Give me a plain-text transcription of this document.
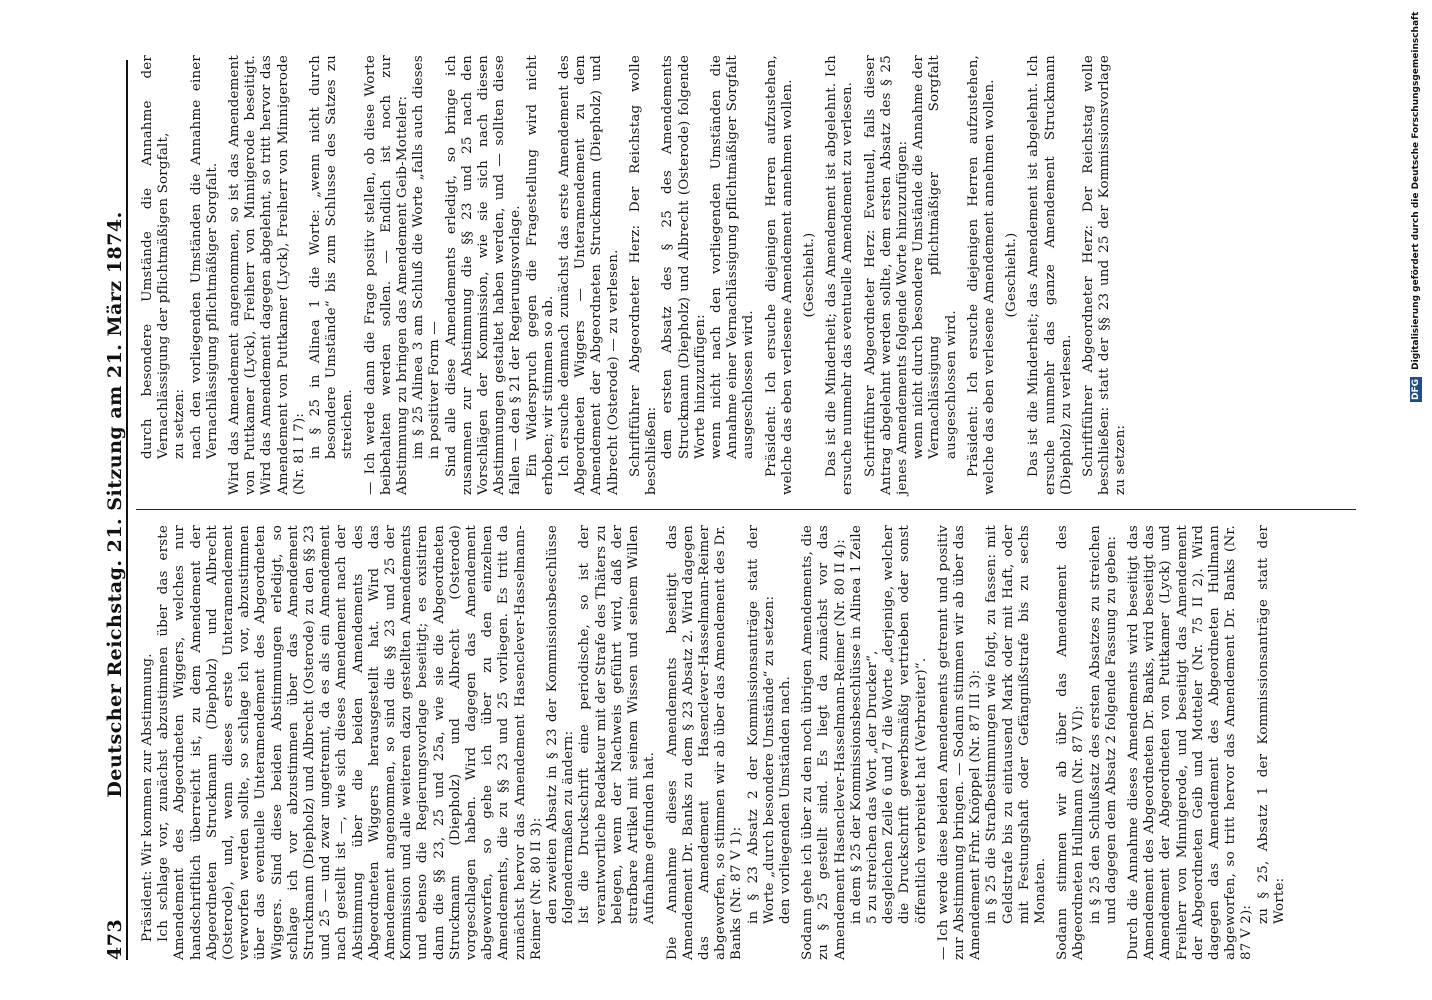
473
Deutscher Reichstag. 21. Sitzung am 21. März 1874.

Präsident: Wir kommen zur Abstimmung. Ich schlage vor, zunächst abzustimmen über das erste Amendement des Abgeordneten Wiggers, welches nur handschriftlich überreicht ist, zu dem Amendement der Abgeordneten Struckmann (Diepholz) und Albrecht (Osterode), und, wenn dieses erste Unteramendement verworfen werden sollte, so schlage ich vor, abzustimmen über das eventuelle Unteramendement des Abgeordneten Wiggers. Sind diese beiden Abstimmungen erledigt, so schlage ich vor abzustimmen über das Amendement Struckmann (Diepholz) und Albrecht (Osterode) zu den §§ 23 und 25 — und zwar ungetrennt, da es als ein Amendement nach gestellt ist —, wie sich dieses Amendement nach der Abstimmung über die beiden Amendements des Abgeordneten Wiggers herausgestellt hat. Wird das Amendement angenommen, so sind die §§ 23 und 25 der Kommission und alle weiteren dazu gestellten Amendements und ebenso die Regierungsvorlage beseitigt; es existiren dann die §§ 23, 25 und 25a, wie sie die Abgeordneten Struckmann (Diepholz) und Albrecht (Osterode) vorgeschlagen haben. Wird dagegen das Amendement abgeworfen, so gehe ich über zu den einzelnen Amendements, die zu §§ 23 und 25 vorliegen. Es tritt da zunächst hervor das Amendement Hasenclever-Hasselmann-Reimer (Nr. 80 II 3): den zweiten Absatz in § 23 der Kommissionsbeschlüsse folgendermaßen zu ändern: Ist die Druckschrift eine periodische, so ist der verantwortliche Redakteur mit der Strafe des Thäters zu belegen, wenn der Nachweis geführt wird, daß der strafbare Artikel mit seinem Wissen und seinem Willen Aufnahme gefunden hat. Die Annahme dieses Amendements beseitigt das Amendement Dr. Banks zu dem § 23 Absatz 2. Wird dagegen das Amendement Hasenclever-Hasselmann-Reimer abgeworfen, so stimmen wir ab über das Amendement des Dr. Banks (Nr. 87 V 1): in § 23 Absatz 2 der Kommissionsanträge statt der Worte „durch besondere Umstände“ zu setzen: den vorliegenden Umständen nach. Sodann gehe ich über zu den noch übrigen Amendements, die zu § 25 gestellt sind. Es liegt da zunächst vor das Amendement Hasenclever-Hasselmann-Reimer (Nr. 80 II 4): in dem § 25 der Kommissionsbeschlüsse in Alinea 1 Zeile 5 zu streichen das Wort „der Drucker“, desgleichen Zeile 6 und 7 die Worte „derjenige, welcher die Druckschrift gewerbsmäßig vertrieben oder sonst öffentlich verbreitet hat (Verbreiter)“. — Ich werde diese beiden Amendements getrennt und positiv zur Abstimmung bringen. — Sodann stimmen wir ab über das Amendement Frhr. Knöppel (Nr. 87 III 3): in § 25 die Strafbestimmungen wie folgt, zu fassen: mit Geldstrafe bis zu eintausend Mark oder mit Haft, oder mit Festungshaft oder Gefängnißstrafe bis zu sechs Monaten. Sodann stimmen wir ab über das Amendement des Abgeordneten Hullmann (Nr. 87 VI): in § 25 den Schlußsatz des ersten Absatzes zu streichen und dagegen dem Absatz 2 folgende Fassung zu geben: Durch die Annahme dieses Amendements wird beseitigt das Amendement des Abgeordneten Dr. Banks, wird beseitigt das Amendement der Abgeordneten von Puttkamer (Lyck) und Freiherr von Minnigerode, und beseitigt das Amendement der Abgeordneten Geib und Motteler (Nr. 75 II 2). Wird dagegen das Amendement des Abgeordneten Hullmann abgeworfen, so tritt hervor das Amendement Dr. Banks (Nr. 87 V 2):

zu § 25, Absatz 1 der Kommissionsanträge statt der Worte:

durch besondere Umstände die Annahme der Vernachlässigung der pflichtmäßigen Sorgfalt, zu setzen: nach den vorliegenden Umständen die Annahme einer Vernachlässigung pflichtmäßiger Sorgfalt. Wird das Amendement angenommen, so ist das Amendement von Puttkamer (Lyck), Freiherr von Minnigerode beseitigt. Wird das Amendement dagegen abgelehnt, so tritt hervor das Amendement von Puttkamer (Lyck), Freiherr von Minnigerode (Nr. 81 I 7): in § 25 in Alinea 1 die Worte: „wenn nicht durch besondere Umstände“ bis zum Schlusse des Satzes zu streichen. — Ich werde dann die Frage positiv stellen, ob diese Worte beibehalten werden sollen. — Endlich ist noch zur Abstimmung zu bringen das Amendement Geib-Motteler: im § 25 Alinea 3 am Schluß die Worte „falls auch dieses in positiver Form — Sind alle diese Amendements erledigt, so bringe ich zusammen zur Abstimmung die §§ 23 und 25 nach den Vorschlägen der Kommission, wie sie sich nach diesen Abstimmungen gestaltet haben werden, und — sollten diese fallen — den § 21 der Regierungsvorlage. Ein Widerspruch gegen die Fragestellung wird nicht erhoben; wir stimmen so ab. Ich ersuche demnach zunächst das erste Amendement des Abgeordneten Wiggers — Unteramendement zu dem Amendement der Abgeordneten Struckmann (Diepholz) und Albrecht (Osterode) — zu verlesen. Schriftführer Abgeordneter Herz: Der Reichstag wolle beschließen: dem ersten Absatz des § 25 des Amendements Struckmann (Diepholz) und Albrecht (Osterode) folgende Worte hinzuzufügen: wenn nicht nach den vorliegenden Umständen die Annahme einer Vernachlässigung pflichtmäßiger Sorgfalt ausgeschlossen wird. Präsident: Ich ersuche diejenigen Herren aufzustehen, welche das eben verlesene Amendement annehmen wollen. (Geschieht.) Das ist die Minderheit; das Amendement ist abgelehnt. Ich ersuche nunmehr das eventuelle Amendement zu verlesen. Schriftführer Abgeordneter Herz: Eventuell, falls dieser Antrag abgelehnt werden sollte, dem ersten Absatz des § 25 jenes Amendements folgende Worte hinzuzufügen: wenn nicht durch besondere Umstände die Annahme der Vernachlässigung pflichtmäßiger Sorgfalt ausgeschlossen wird. Präsident: Ich ersuche diejenigen Herren aufzustehen, welche das eben verlesene Amendement annehmen wollen. (Geschieht.) Das ist die Minderheit; das Amendement ist abgelehnt. Ich ersuche nunmehr das ganze Amendement Struckmann (Diepholz) zu verlesen. Schriftführer Abgeordneter Herz: Der Reichstag wolle beschließen: statt der §§ 23 und 25 der Kommissionsvorlage zu setzen:

DFG Digitalisierung gefördert durch die Deutsche Forschungsgemeinschaft
